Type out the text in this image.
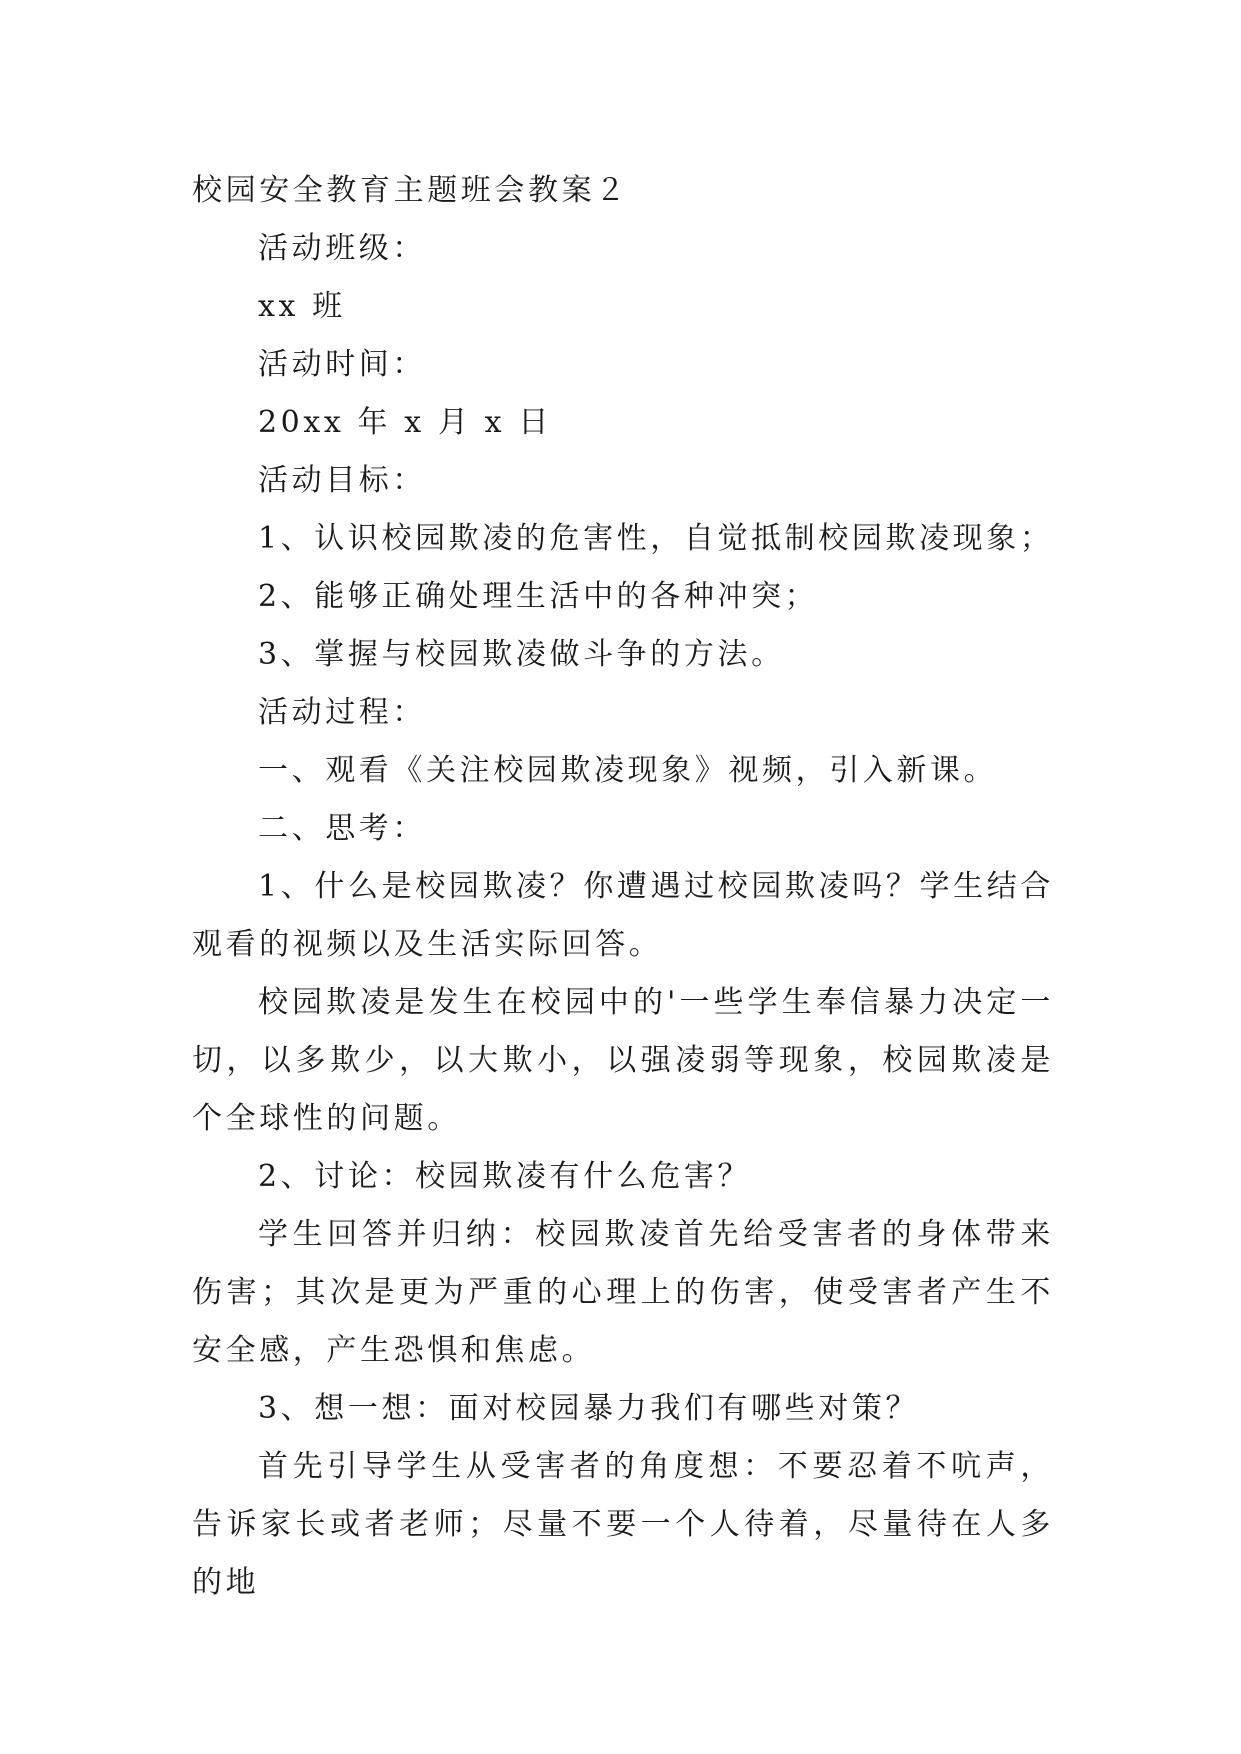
校园安全教育主题班会教案２

活动班级：

xx 班

活动时间：

20xx 年 x 月 x 日

活动目标：

1、认识校园欺凌的危害性，自觉抵制校园欺凌现象；

2、能够正确处理生活中的各种冲突；

3、掌握与校园欺凌做斗争的方法。

活动过程：

一、观看《关注校园欺凌现象》视频，引入新课。

二、思考：

1、什么是校园欺凌？你遭遇过校园欺凌吗？学生结合观看的视频以及生活实际回答。

校园欺凌是发生在校园中的'一些学生奉信暴力决定一切，以多欺少，以大欺小，以强凌弱等现象，校园欺凌是个全球性的问题。

2、讨论：校园欺凌有什么危害？

学生回答并归纳：校园欺凌首先给受害者的身体带来伤害；其次是更为严重的心理上的伤害，使受害者产生不安全感，产生恐惧和焦虑。

3、想一想：面对校园暴力我们有哪些对策？

首先引导学生从受害者的角度想：不要忍着不吭声，告诉家长或者老师；尽量不要一个人待着，尽量待在人多的地
